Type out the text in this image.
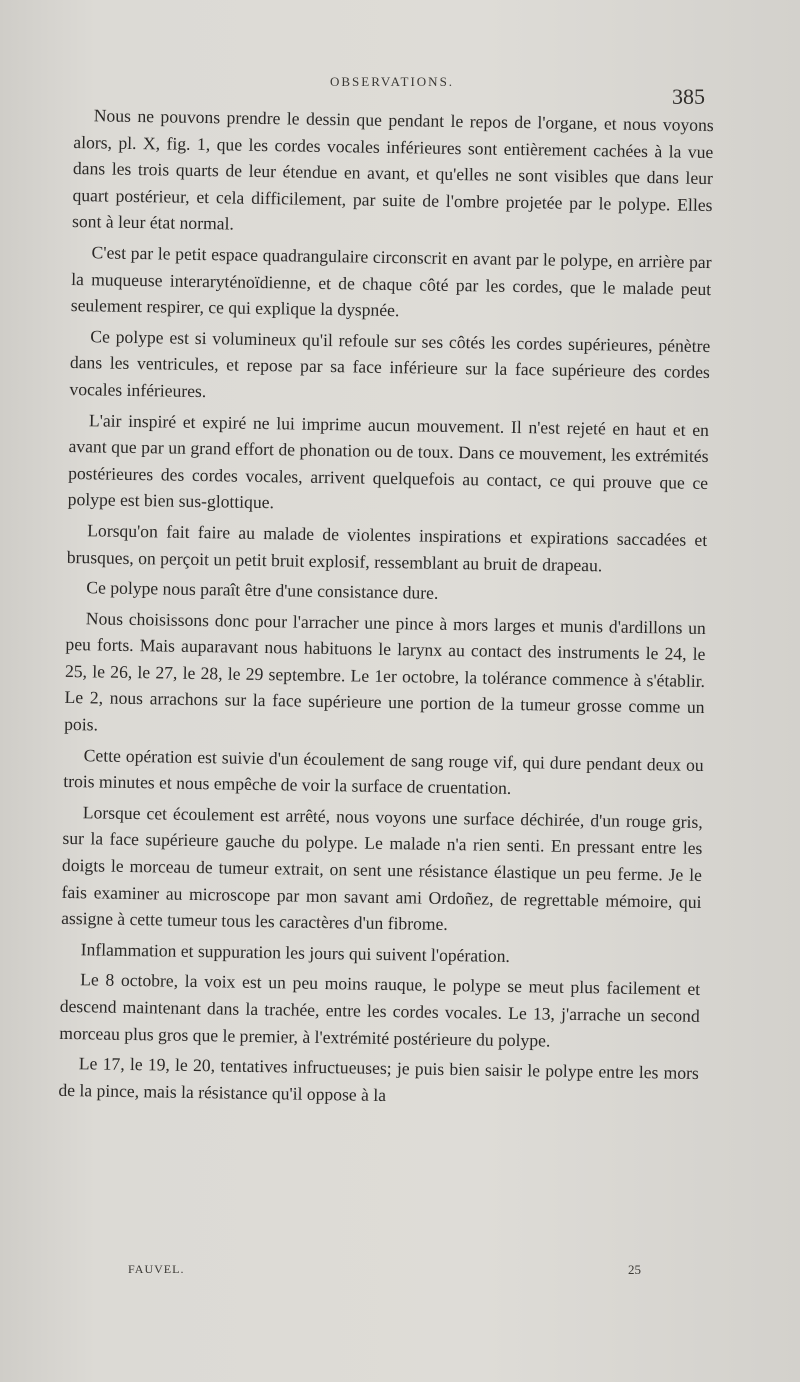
OBSERVATIONS.
385

Nous ne pouvons prendre le dessin que pendant le repos de l'organe, et nous voyons alors, pl. X, fig. 1, que les cordes vocales inférieures sont entièrement cachées à la vue dans les trois quarts de leur étendue en avant, et qu'elles ne sont visibles que dans leur quart postérieur, et cela difficilement, par suite de l'ombre projetée par le polype. Elles sont à leur état normal.

C'est par le petit espace quadrangulaire circonscrit en avant par le polype, en arrière par la muqueuse interaryténoïdienne, et de chaque côté par les cordes, que le malade peut seulement respirer, ce qui explique la dyspnée.

Ce polype est si volumineux qu'il refoule sur ses côtés les cordes supérieures, pénètre dans les ventricules, et repose par sa face inférieure sur la face supérieure des cordes vocales inférieures.

L'air inspiré et expiré ne lui imprime aucun mouvement. Il n'est rejeté en haut et en avant que par un grand effort de phonation ou de toux. Dans ce mouvement, les extrémités postérieures des cordes vocales, arrivent quelquefois au contact, ce qui prouve que ce polype est bien sus-glottique.

Lorsqu'on fait faire au malade de violentes inspirations et expirations saccadées et brusques, on perçoit un petit bruit explosif, ressemblant au bruit de drapeau.

Ce polype nous paraît être d'une consistance dure.

Nous choisissons donc pour l'arracher une pince à mors larges et munis d'ardillons un peu forts. Mais auparavant nous habituons le larynx au contact des instruments le 24, le 25, le 26, le 27, le 28, le 29 septembre. Le 1er octobre, la tolérance commence à s'établir. Le 2, nous arrachons sur la face supérieure une portion de la tumeur grosse comme un pois.

Cette opération est suivie d'un écoulement de sang rouge vif, qui dure pendant deux ou trois minutes et nous empêche de voir la surface de cruentation.

Lorsque cet écoulement est arrêté, nous voyons une surface déchirée, d'un rouge gris, sur la face supérieure gauche du polype. Le malade n'a rien senti. En pressant entre les doigts le morceau de tumeur extrait, on sent une résistance élastique un peu ferme. Je le fais examiner au microscope par mon savant ami Ordoñez, de regrettable mémoire, qui assigne à cette tumeur tous les caractères d'un fibrome.

Inflammation et suppuration les jours qui suivent l'opération.

Le 8 octobre, la voix est un peu moins rauque, le polype se meut plus facilement et descend maintenant dans la trachée, entre les cordes vocales. Le 13, j'arrache un second morceau plus gros que le premier, à l'extrémité postérieure du polype.

Le 17, le 19, le 20, tentatives infructueuses; je puis bien saisir le polype entre les mors de la pince, mais la résistance qu'il oppose à la

FAUVEL.	25
